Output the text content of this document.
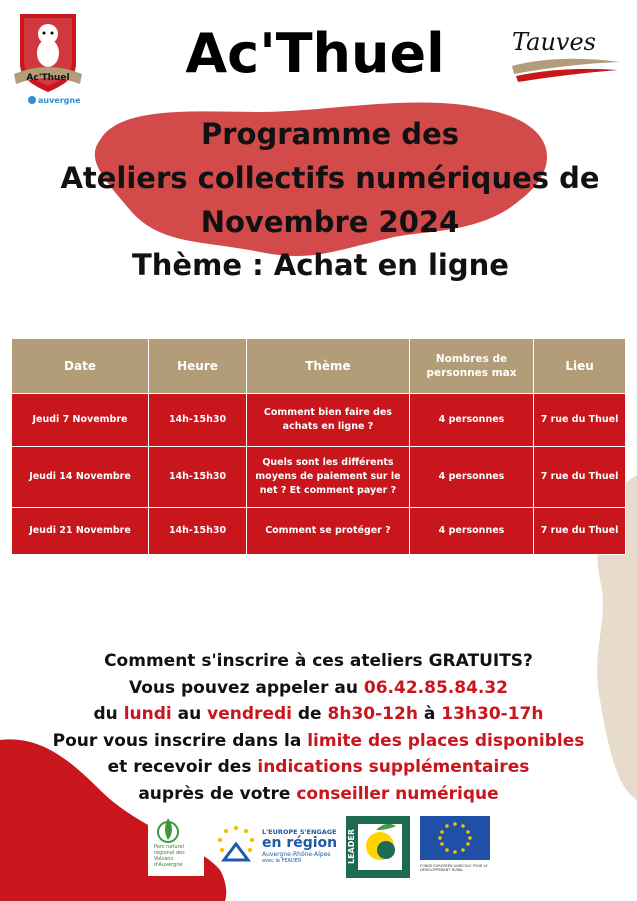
Ac'Thuel
auvergne
Ac'Thuel	Tauves
Programme des
Ateliers collectifs numériques de
Novembre 2024
Thème : Achat en ligne
Date	Heure	Thème	Nombres de personnes max	Lieu
Jeudi 7 Novembre	14h-15h30	Comment bien faire des achats en ligne ?	4 personnes	7 rue du Thuel
Jeudi 14 Novembre	14h-15h30	Quels sont les différents moyens de paiement sur le net ? Et comment payer ?	4 personnes	7 rue du Thuel
Jeudi 21 Novembre	14h-15h30	Comment se protéger ?	4 personnes	7 rue du Thuel
Comment s'inscrire à ces ateliers GRATUITS?
Vous pouvez appeler au 06.42.85.84.32
du lundi au vendredi de 8h30-12h à 13h30-17h
Pour vous inscrire dans la limite des places disponibles
et recevoir des indications supplémentaires
auprès de votre conseiller numérique
Parc naturel régional des Volcans d'Auvergne
L'EUROPE S'ENGAGE
en région
Auvergne-Rhône-Alpes
avec le FEADER	LEADER
FONDS EUROPÉEN AGRICOLE POUR LE DÉVELOPPEMENT RURAL
